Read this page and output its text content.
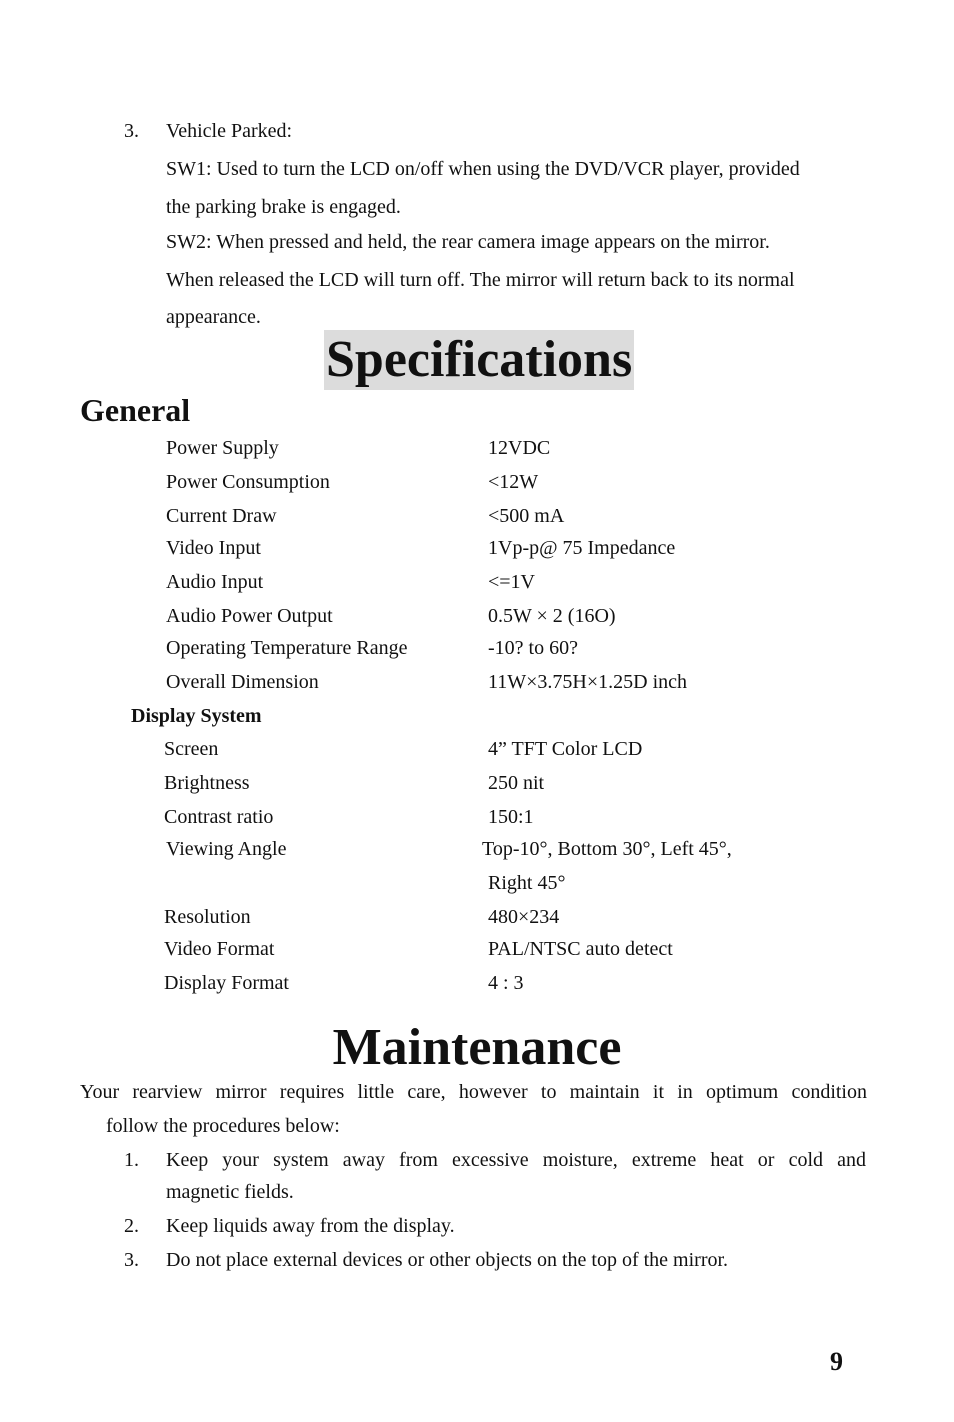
3. Vehicle Parked:
SW1: Used to turn the LCD on/off when using the DVD/VCR player, provided
the parking brake is engaged.
SW2: When pressed and held, the rear camera image appears on the mirror.
When released the LCD will turn off. The mirror will return back to its normal
appearance.
Specifications
General
Power Supply	12VDC
Power Consumption	<12W
Current Draw	<500 mA
Video Input	1Vp-p@ 75 Impedance
Audio Input	<=1V
Audio Power Output	0.5W × 2 (16O)
Operating Temperature Range	-10? to 60?
Overall Dimension	11W×3.75H×1.25D inch
Display System
Screen	4” TFT Color LCD
Brightness	250 nit
Contrast ratio	150:1
Viewing Angle	Top-10°, Bottom 30°, Left 45°,
Right 45°
Resolution	480×234
Video Format	PAL/NTSC auto detect
Display Format	4 : 3
Maintenance
Your rearview mirror requires little care, however to maintain it in optimum condition
follow the procedures below:
1. Keep your system away from excessive moisture, extreme heat or cold and
magnetic fields.
2. Keep liquids away from the display.
3. Do not place external devices or other objects on the top of the mirror.
9
